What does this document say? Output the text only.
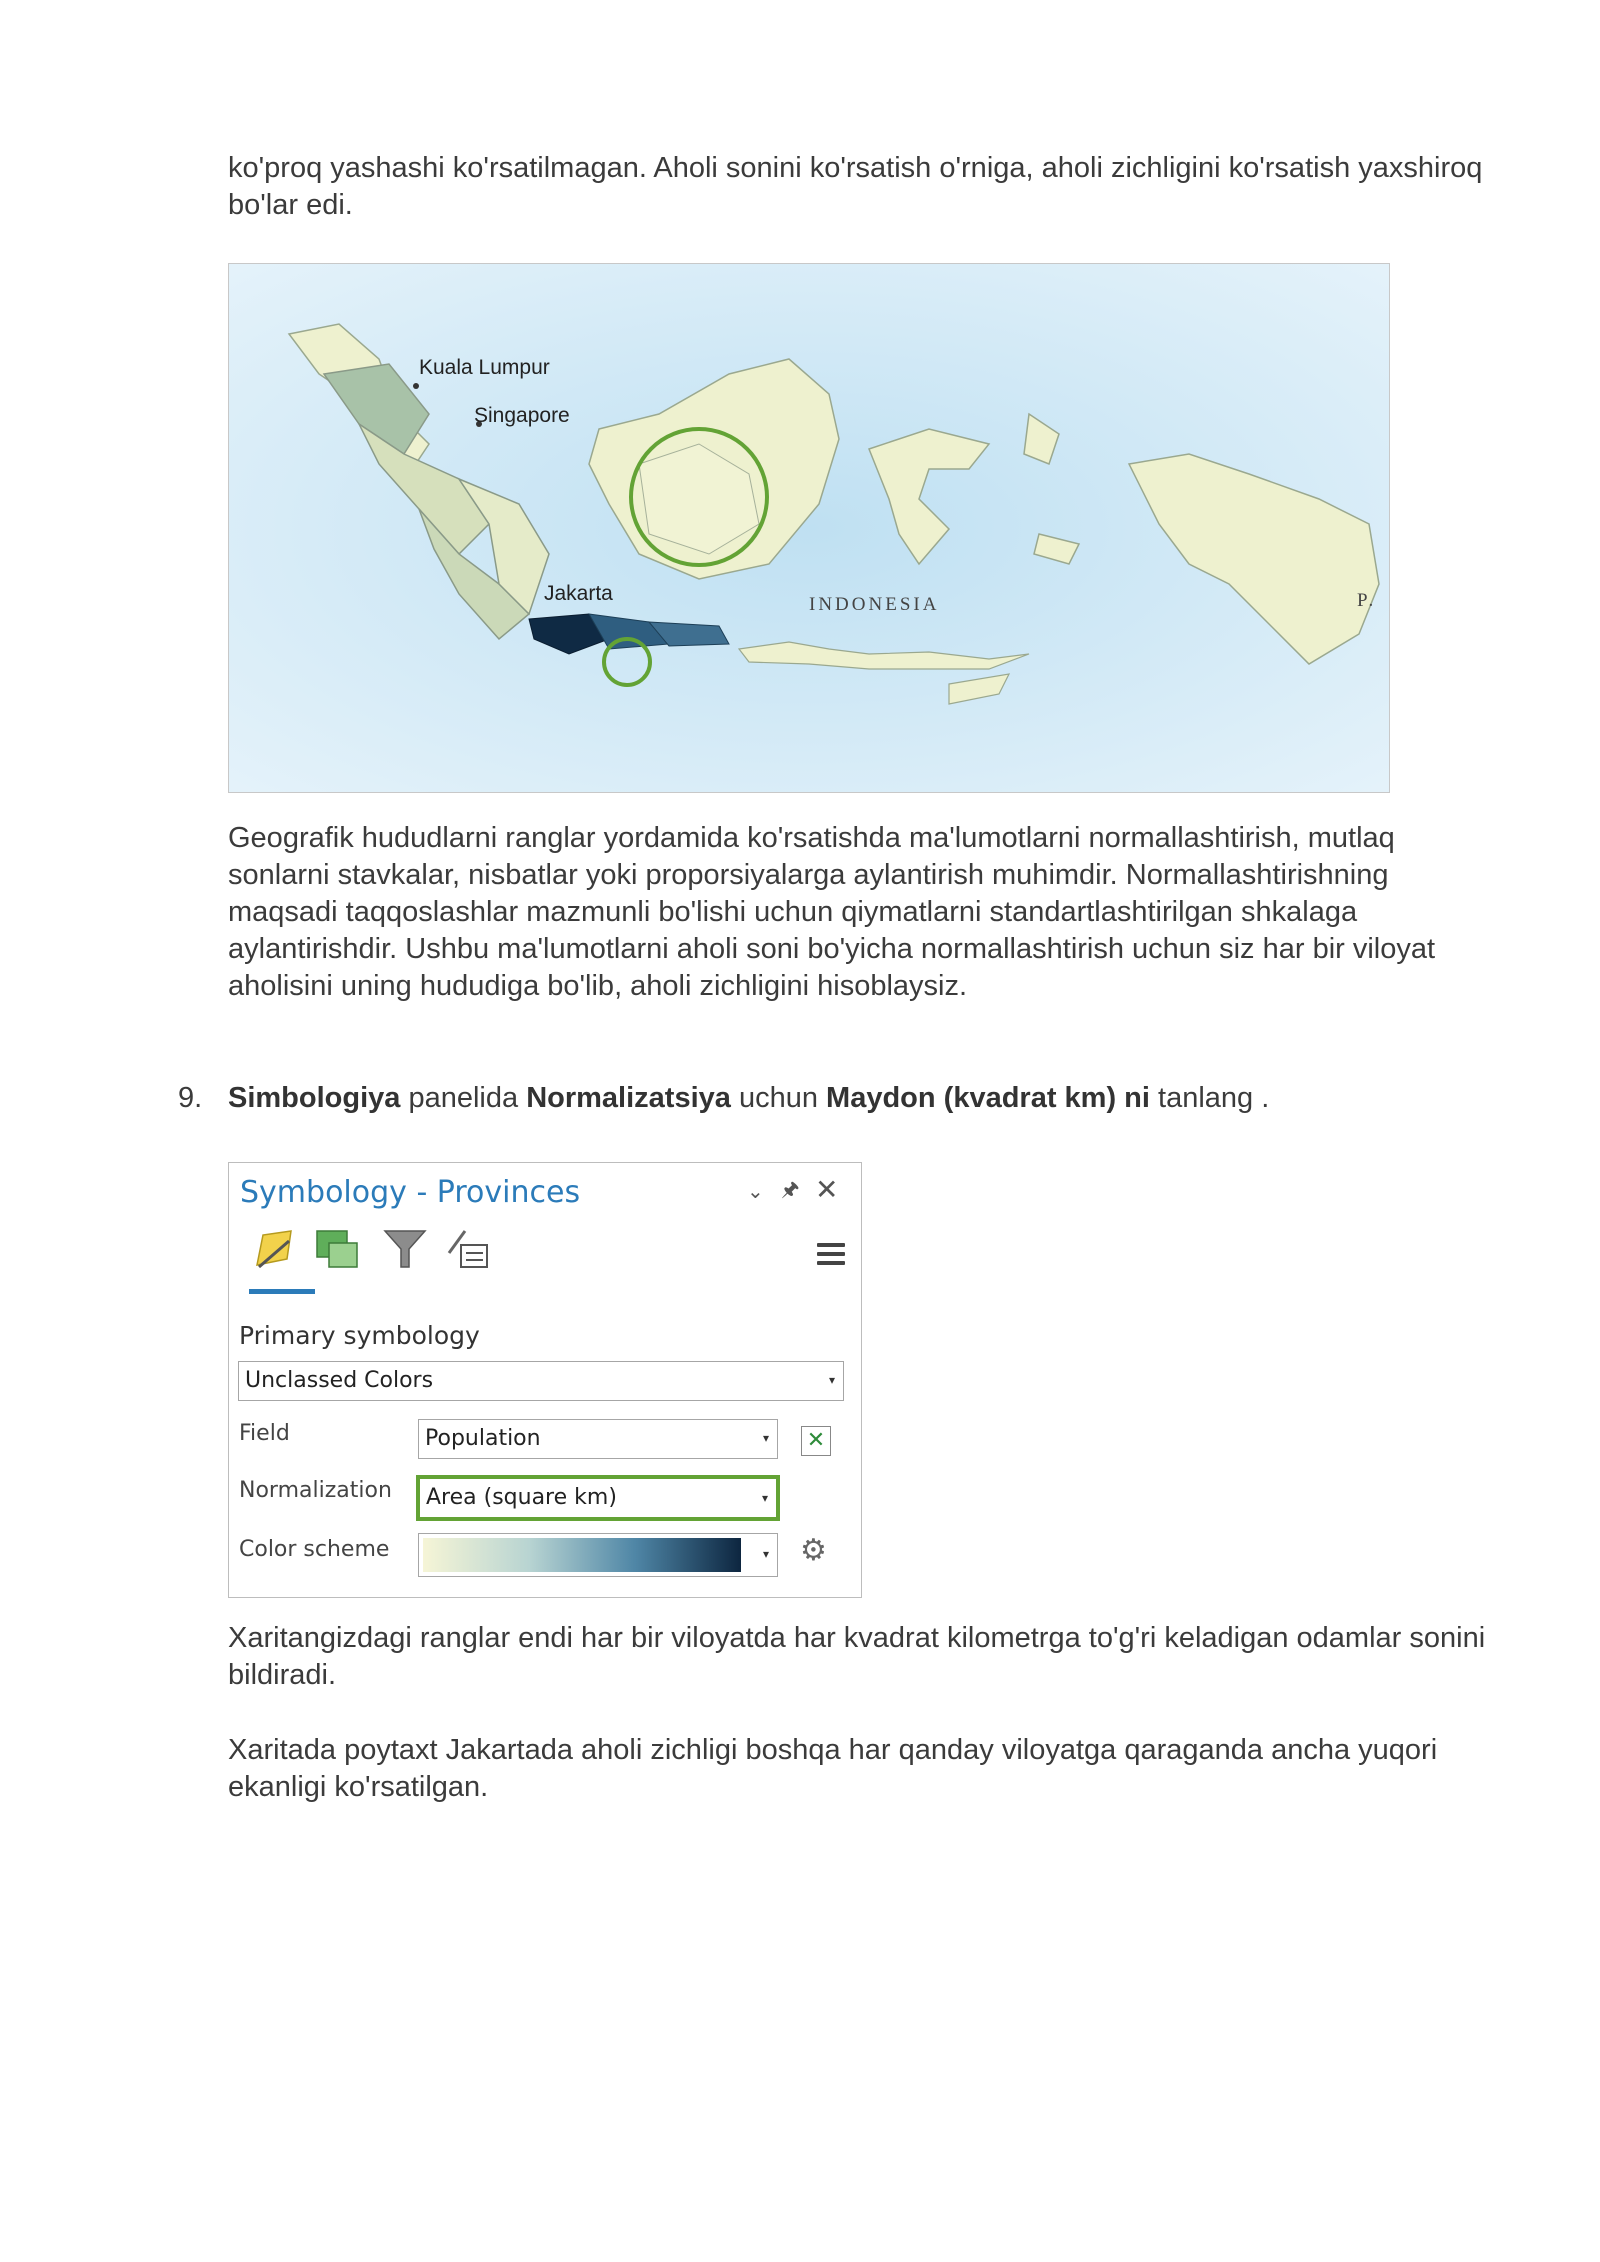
ko'proq yashashi ko'rsatilmagan. Aholi sonini ko'rsatish o'rniga, aholi zichligini ko'rsatish yaxshiroq bo'lar edi.

Kuala Lumpur
Singapore
Jakarta	INDONESIA	P.

Geografik hududlarni ranglar yordamida ko'rsatishda ma'lumotlarni normallashtirish, mutlaq sonlarni stavkalar, nisbatlar yoki proporsiyalarga aylantirish muhimdir. Normallashtirishning maqsadi taqqoslashlar mazmunli bo'lishi uchun qiymatlarni standartlashtirilgan shkalaga aylantirishdir. Ushbu ma'lumotlarni aholi soni bo'yicha normallashtirish uchun siz har bir viloyat aholisini uning hududiga bo'lib, aholi zichligini hisoblaysiz.

9. Simbologiya panelida Normalizatsiya uchun Maydon (kvadrat km) ni tanlang .
Symbology - Provinces	⌄ 🖈 ✕
Primary symbology
Unclassed Colors	▾
Field	Population	▾ ✕
Normalization	Area (square km)	▾
Color scheme	▾ ⚙

Xaritangizdagi ranglar endi har bir viloyatda har kvadrat kilometrga to'g'ri keladigan odamlar sonini bildiradi.

Xaritada poytaxt Jakartada aholi zichligi boshqa har qanday viloyatga qaraganda ancha yuqori ekanligi ko'rsatilgan.
